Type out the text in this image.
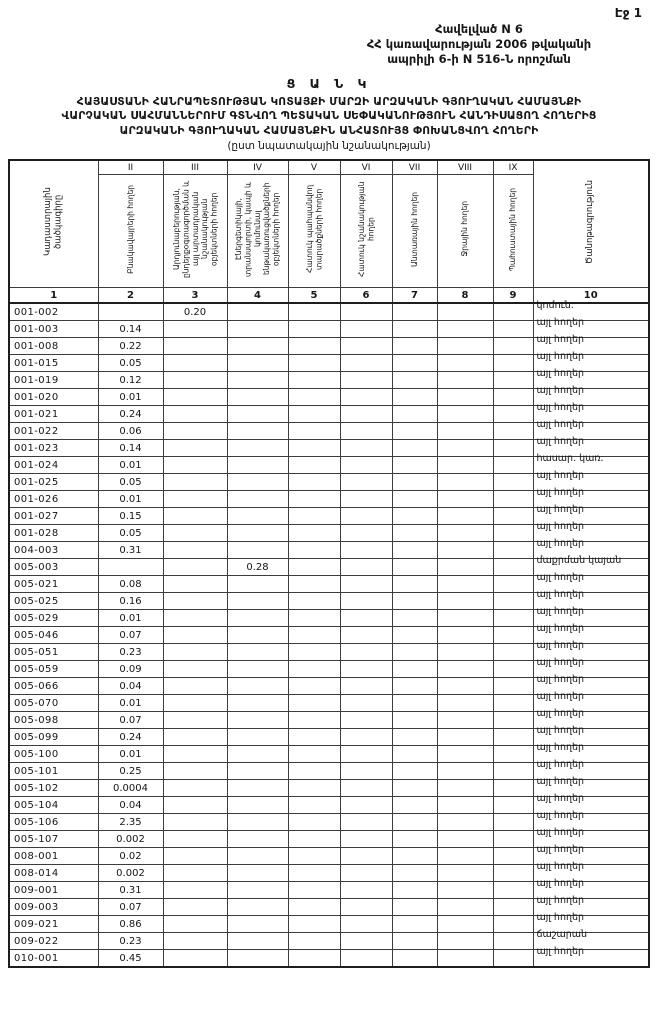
Էջ 1
Հավելված N 6
ՀՀ կառավարության 2006 թվականի
ապրիլի 6-ի N 516-Ն որոշման
Ց Ա Ն Կ
ՀԱՅԱՍՏԱՆԻ ՀԱՆՐԱՊԵՏՈՒԹՅԱՆ ԿՈՏԱՅՔԻ ՄԱՐԶԻ ԱՐԶԱԿԱՆԻ ԳՅՈՒՂԱԿԱՆ ՀԱՄԱՅՆՔԻ
ՎԱՐՉԱԿԱՆ ՍԱՀՄԱՆՆԵՐՈՒՄ ԳՏՆՎՈՂ ՊԵՏԱԿԱՆ ՍԵՓԱԿԱՆՈՒԹՅՈՒՆ ՀԱՆԴԻՍԱՑՈՂ ՀՈՂԵՐԻՑ
ԱՐԶԱԿԱՆԻ ԳՅՈՒՂԱԿԱՆ ՀԱՄԱՅՆՔԻՆ ԱՆՀԱՏՈՒՅՑ ՓՈԽԱՆՑՎՈՂ ՀՈՂԵՐԻ
(ըստ նպատակային նշանակության)
Կադաստրային ծածկագիրը	II	III	IV	V	VI	VII	VIII	IX	Ծանոթագրություն
	Բնակավայրերի հողեր	Արդյունաբերության, ընդերքօգտագործման և այլ արտադրական նշանակության օբյեկտների հողեր	Էներգետիկայի, տրանսպորտի, կապի և կոմունալ ենթակառուցվածքների օբյեկտների հողեր	Հատուկ պահպանվող տարածքների հողեր	Հատուկ նշանակության հողեր	Անտառային հողեր	Ջրային հողեր	Պահուստային հողեր	
1	2	3	4	5	6	7	8	9	10
001-002		0.20							կոմուն.
001-003	0.14								այլ հողեր
001-008	0.22								այլ հողեր
001-015	0.05								այլ հողեր
001-019	0.12								այլ հողեր
001-020	0.01								այլ հողեր
001-021	0.24								այլ հողեր
001-022	0.06								այլ հողեր
001-023	0.14								այլ հողեր
001-024	0.01								հասար. կառ.
001-025	0.05								այլ հողեր
001-026	0.01								այլ հողեր
001-027	0.15								այլ հողեր
001-028	0.05								այլ հողեր
004-003	0.31								այլ հողեր
005-003			0.28						մաքրման կայան
005-021	0.08								այլ հողեր
005-025	0.16								այլ հողեր
005-029	0.01								այլ հողեր
005-046	0.07								այլ հողեր
005-051	0.23								այլ հողեր
005-059	0.09								այլ հողեր
005-066	0.04								այլ հողեր
005-070	0.01								այլ հողեր
005-098	0.07								այլ հողեր
005-099	0.24								այլ հողեր
005-100	0.01								այլ հողեր
005-101	0.25								այլ հողեր
005-102	0.0004								այլ հողեր
005-104	0.04								այլ հողեր
005-106	2.35								այլ հողեր
005-107	0.002								այլ հողեր
008-001	0.02								այլ հողեր
008-014	0.002								այլ հողեր
009-001	0.31								այլ հողեր
009-003	0.07								այլ հողեր
009-021	0.86								այլ հողեր
009-022	0.23								ճաշարան
010-001	0.45								այլ հողեր
